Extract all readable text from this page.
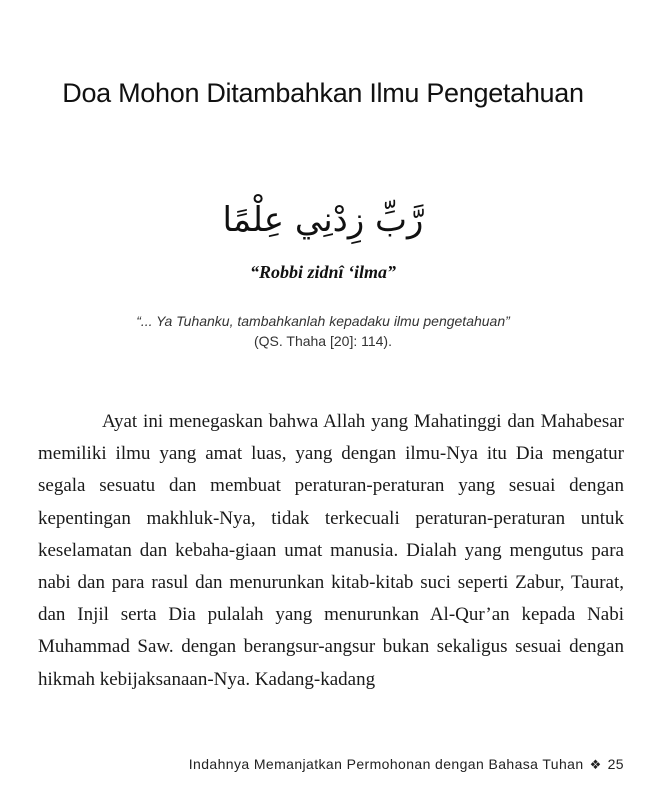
Doa Mohon Ditambahkan Ilmu Pengetahuan
رَّبِّ زِدْنِي عِلْمًا
“Robbi zidnî ‘ilma”
“... Ya Tuhanku, tambahkanlah kepadaku ilmu pengetahuan”
(QS. Thaha [20]: 114).

Ayat ini menegaskan bahwa Allah yang Mahatinggi dan Mahabesar memiliki ilmu yang amat luas, yang dengan ilmu-Nya itu Dia mengatur segala sesuatu dan membuat peraturan-peraturan yang sesuai dengan kepentingan makhluk-Nya, tidak terkecuali peraturan-peraturan untuk keselamatan dan kebaha-giaan umat manusia. Dialah yang mengutus para nabi dan para rasul dan menurunkan kitab-kitab suci seperti Zabur, Taurat, dan Injil serta Dia pulalah yang menurunkan Al-Qur’an kepada Nabi Muhammad Saw. dengan berangsur-angsur bukan sekaligus sesuai dengan hikmah kebijaksanaan-Nya. Kadang-kadang

Indahnya Memanjatkan Permohonan dengan Bahasa Tuhan ❖ 25
